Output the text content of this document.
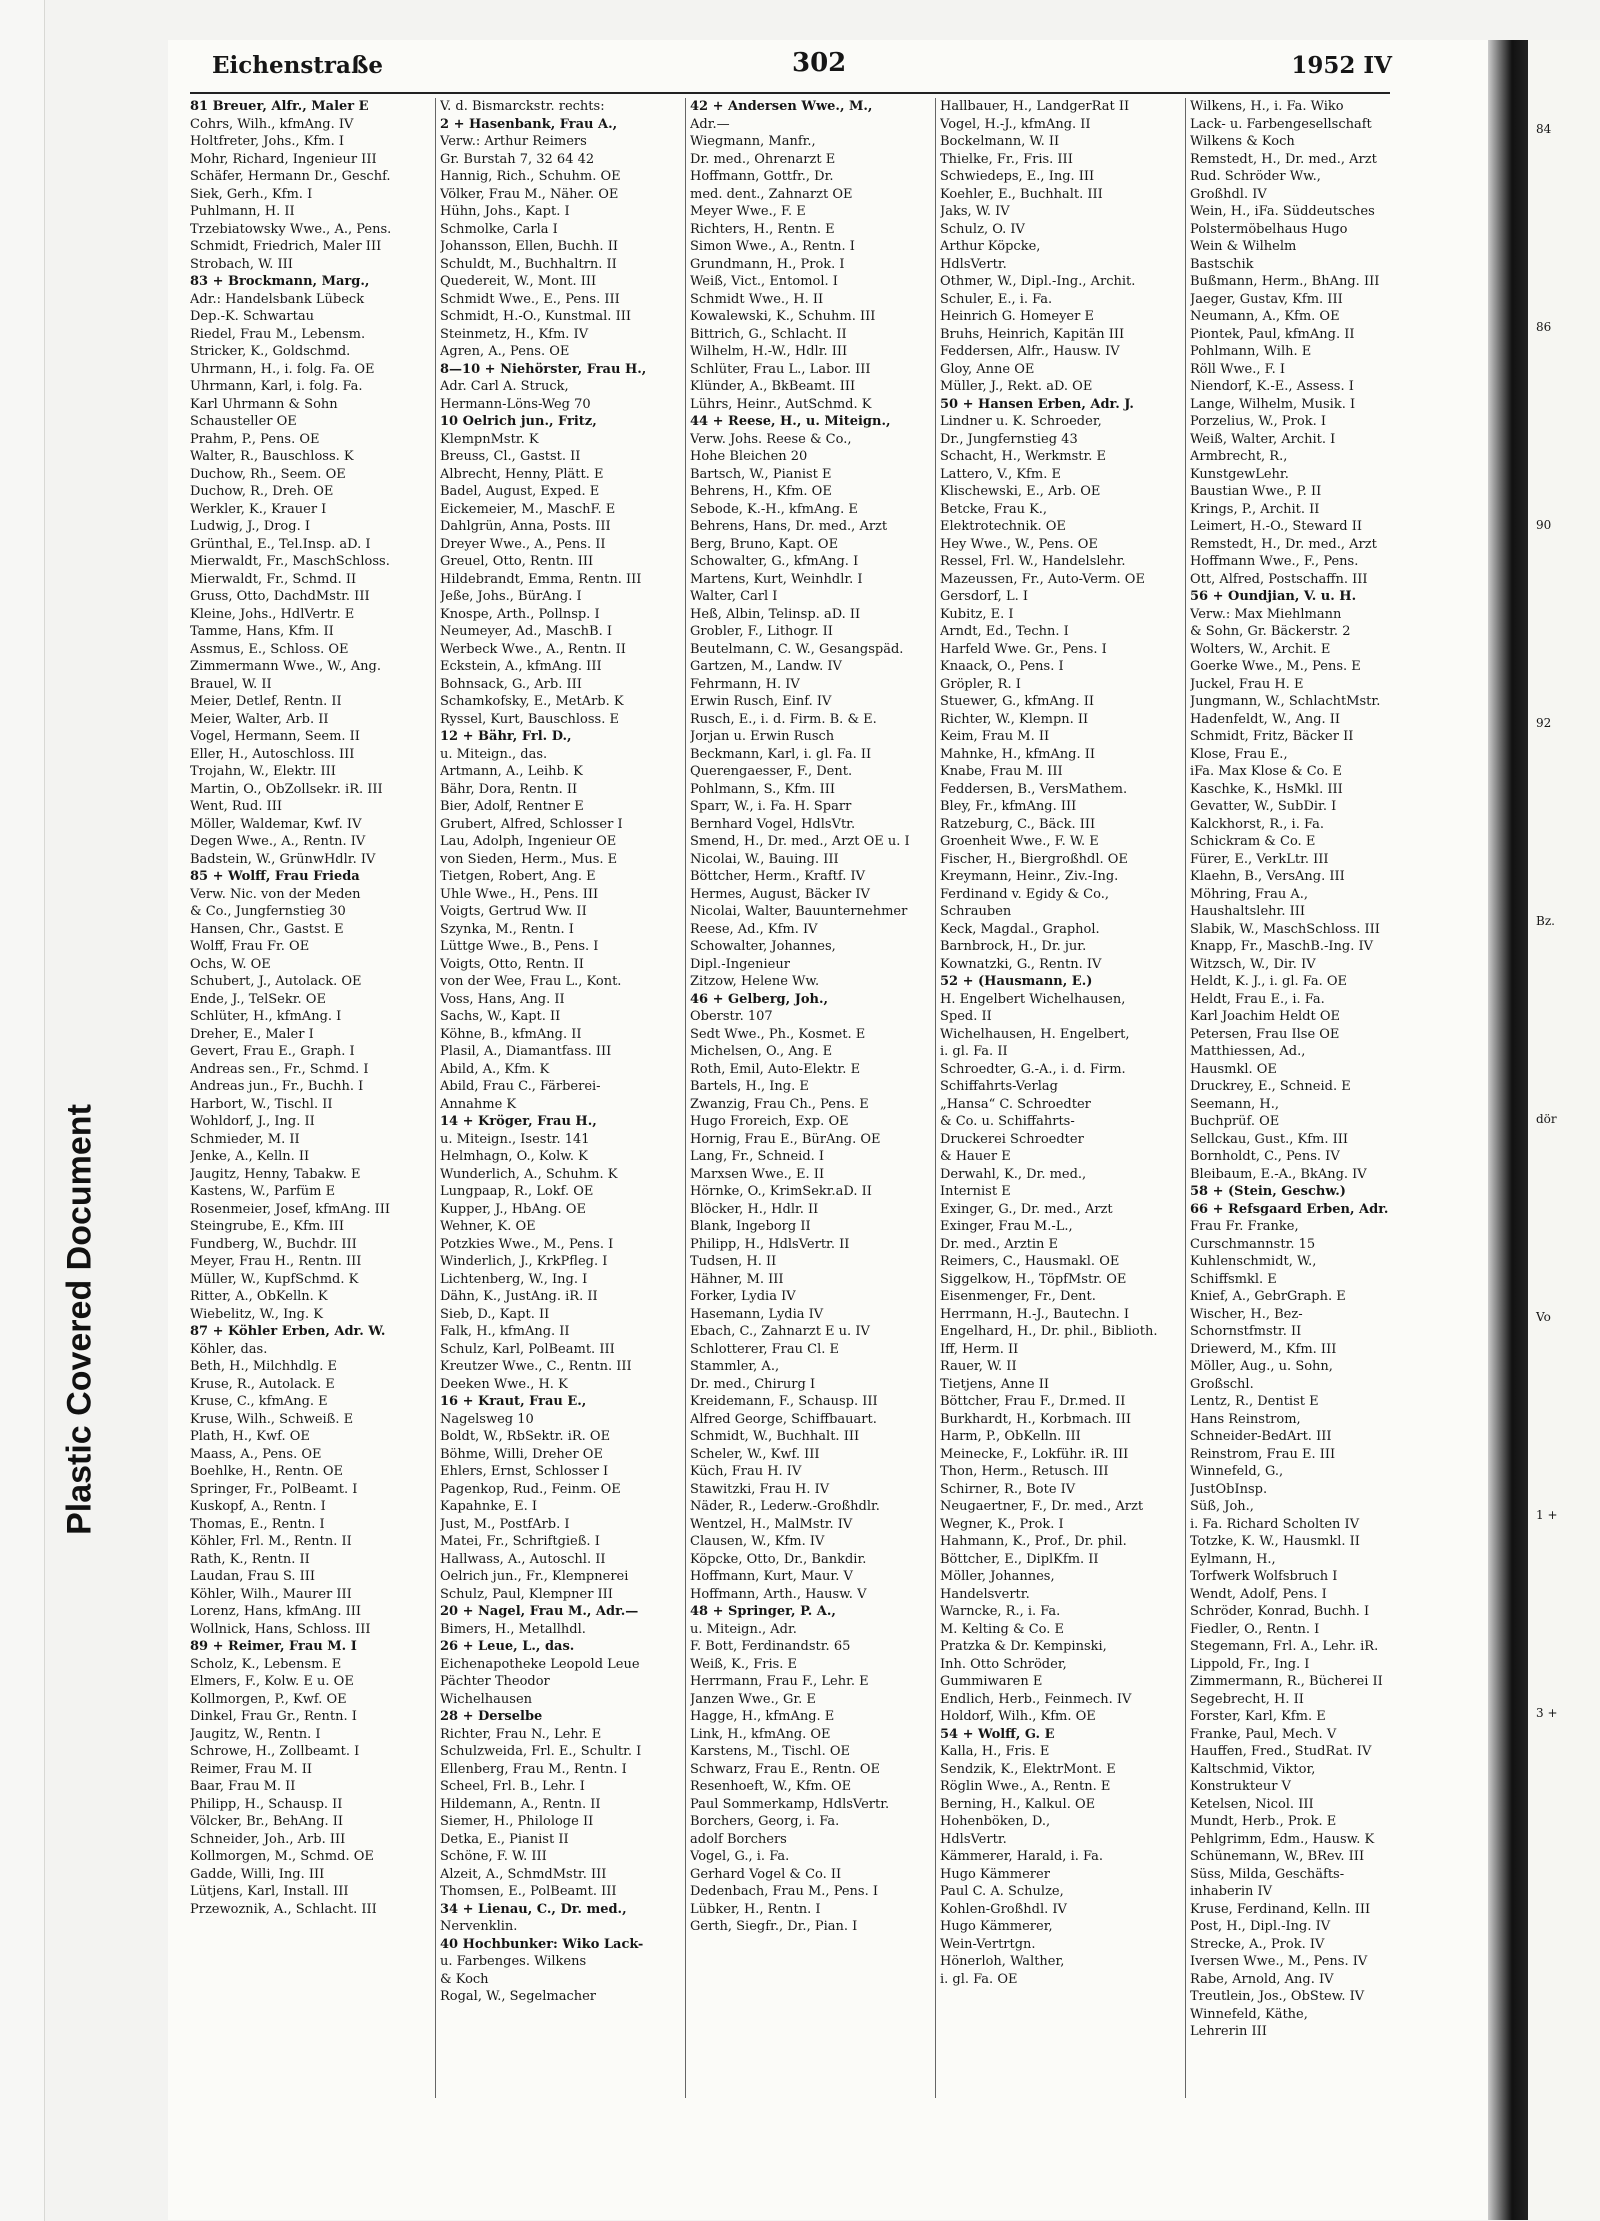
Plastic Covered Document
Eichenstraße	302	1952 IV
81 Breuer, Alfr., Maler E
Cohrs, Wilh., kfmAng. IV
Holtfreter, Johs., Kfm. I
Mohr, Richard, Ingenieur III
Schäfer, Hermann Dr., Geschf.
Siek, Gerh., Kfm. I
Puhlmann, H. II
Trzebiatowsky Wwe., A., Pens.
Schmidt, Friedrich, Maler III
Strobach, W. III
83 + Brockmann, Marg.,
Adr.: Handelsbank Lübeck
Dep.-K. Schwartau
Riedel, Frau M., Lebensm.
Stricker, K., Goldschmd.
Uhrmann, H., i. folg. Fa. OE
Uhrmann, Karl, i. folg. Fa.
Karl Uhrmann & Sohn
Schausteller OE
Prahm, P., Pens. OE
Walter, R., Bauschloss. K
Duchow, Rh., Seem. OE
Duchow, R., Dreh. OE
Werkler, K., Krauer I
Ludwig, J., Drog. I
Grünthal, E., Tel.Insp. aD. I
Mierwaldt, Fr., MaschSchloss.
Mierwaldt, Fr., Schmd. II
Gruss, Otto, DachdMstr. III
Kleine, Johs., HdlVertr. E
Tamme, Hans, Kfm. II
Assmus, E., Schloss. OE
Zimmermann Wwe., W., Ang.
Brauel, W. II
Meier, Detlef, Rentn. II
Meier, Walter, Arb. II
Vogel, Hermann, Seem. II
Eller, H., Autoschloss. III
Trojahn, W., Elektr. III
Martin, O., ObZollsekr. iR. III
Went, Rud. III
Möller, Waldemar, Kwf. IV
Degen Wwe., A., Rentn. IV
Badstein, W., GrünwHdlr. IV
85 + Wolff, Frau Frieda
Verw. Nic. von der Meden
& Co., Jungfernstieg 30
Hansen, Chr., Gastst. E
Wolff, Frau Fr. OE
Ochs, W. OE
Schubert, J., Autolack. OE
Ende, J., TelSekr. OE
Schlüter, H., kfmAng. I
Dreher, E., Maler I
Gevert, Frau E., Graph. I
Andreas sen., Fr., Schmd. I
Andreas jun., Fr., Buchh. I
Harbort, W., Tischl. II
Wohldorf, J., Ing. II
Schmieder, M. II
Jenke, A., Kelln. II
Jaugitz, Henny, Tabakw. E
Kastens, W., Parfüm E
Rosenmeier, Josef, kfmAng. III
Steingrube, E., Kfm. III
Fundberg, W., Buchdr. III
Meyer, Frau H., Rentn. III
Müller, W., KupfSchmd. K
Ritter, A., ObKelln. K
Wiebelitz, W., Ing. K
87 + Köhler Erben, Adr. W.
Köhler, das.
Beth, H., Milchhdlg. E
Kruse, R., Autolack. E
Kruse, C., kfmAng. E
Kruse, Wilh., Schweiß. E
Plath, H., Kwf. OE
Maass, A., Pens. OE
Boehlke, H., Rentn. OE
Springer, Fr., PolBeamt. I
Kuskopf, A., Rentn. I
Thomas, E., Rentn. I
Köhler, Frl. M., Rentn. II
Rath, K., Rentn. II
Laudan, Frau S. III
Köhler, Wilh., Maurer III
Lorenz, Hans, kfmAng. III
Wollnick, Hans, Schloss. III
89 + Reimer, Frau M. I
Scholz, K., Lebensm. E
Elmers, F., Kolw. E u. OE
Kollmorgen, P., Kwf. OE
Dinkel, Frau Gr., Rentn. I
Jaugitz, W., Rentn. I
Schrowe, H., Zollbeamt. I
Reimer, Frau M. II
Baar, Frau M. II
Philipp, H., Schausp. II
Völcker, Br., BehAng. II
Schneider, Joh., Arb. III
Kollmorgen, M., Schmd. OE
Gadde, Willi, Ing. III
Lütjens, Karl, Install. III
Przewoznik, A., Schlacht. III
V. d. Bismarckstr. rechts:
2 + Hasenbank, Frau A.,
Verw.: Arthur Reimers
Gr. Burstah 7, 32 64 42
Hannig, Rich., Schuhm. OE
Völker, Frau M., Näher. OE
Hühn, Johs., Kapt. I
Schmolke, Carla I
Johansson, Ellen, Buchh. II
Schuldt, M., Buchhaltrn. II
Quedereit, W., Mont. III
Schmidt Wwe., E., Pens. III
Schmidt, H.-O., Kunstmal. III
Steinmetz, H., Kfm. IV
Agren, A., Pens. OE
8—10 + Niehörster, Frau H.,
Adr. Carl A. Struck,
Hermann-Löns-Weg 70
10 Oelrich jun., Fritz,
KlempnMstr. K
Breuss, Cl., Gastst. II
Albrecht, Henny, Plätt. E
Badel, August, Exped. E
Eickemeier, M., MaschF. E
Dahlgrün, Anna, Posts. III
Dreyer Wwe., A., Pens. II
Greuel, Otto, Rentn. III
Hildebrandt, Emma, Rentn. III
Jeße, Johs., BürAng. I
Knospe, Arth., Pollnsp. I
Neumeyer, Ad., MaschB. I
Werbeck Wwe., A., Rentn. II
Eckstein, A., kfmAng. III
Bohnsack, G., Arb. III
Schamkofsky, E., MetArb. K
Ryssel, Kurt, Bauschloss. E
12 + Bähr, Frl. D.,
u. Miteign., das.
Artmann, A., Leihb. K
Bähr, Dora, Rentn. II
Bier, Adolf, Rentner E
Grubert, Alfred, Schlosser I
Lau, Adolph, Ingenieur OE
von Sieden, Herm., Mus. E
Tietgen, Robert, Ang. E
Uhle Wwe., H., Pens. III
Voigts, Gertrud Ww. II
Szynka, M., Rentn. I
Lüttge Wwe., B., Pens. I
Voigts, Otto, Rentn. II
von der Wee, Frau L., Kont.
Voss, Hans, Ang. II
Sachs, W., Kapt. II
Köhne, B., kfmAng. II
Plasil, A., Diamantfass. III
Abild, A., Kfm. K
Abild, Frau C., Färberei-
Annahme K
14 + Kröger, Frau H.,
u. Miteign., Isestr. 141
Helmhagn, O., Kolw. K
Wunderlich, A., Schuhm. K
Lungpaap, R., Lokf. OE
Kupper, J., HbAng. OE
Wehner, K. OE
Potzkies Wwe., M., Pens. I
Winderlich, J., KrkPfleg. I
Lichtenberg, W., Ing. I
Dähn, K., JustAng. iR. II
Sieb, D., Kapt. II
Falk, H., kfmAng. II
Schulz, Karl, PolBeamt. III
Kreutzer Wwe., C., Rentn. III
Deeken Wwe., H. K
16 + Kraut, Frau E.,
Nagelsweg 10
Boldt, W., RbSektr. iR. OE
Böhme, Willi, Dreher OE
Ehlers, Ernst, Schlosser I
Pagenkop, Rud., Feinm. OE
Kapahnke, E. I
Just, M., PostfArb. I
Matei, Fr., Schriftgieß. I
Hallwass, A., Autoschl. II
Oelrich jun., Fr., Klempnerei
Schulz, Paul, Klempner III
20 + Nagel, Frau M., Adr.—
Bimers, H., Metallhdl.
26 + Leue, L., das.
Eichenapotheke Leopold Leue
Pächter Theodor
Wichelhausen
28 + Derselbe
Richter, Frau N., Lehr. E
Schulzweida, Frl. E., Schultr. I
Ellenberg, Frau M., Rentn. I
Scheel, Frl. B., Lehr. I
Hildemann, A., Rentn. II
Siemer, H., Philologe II
Detka, E., Pianist II
Schöne, F. W. III
Alzeit, A., SchmdMstr. III
Thomsen, E., PolBeamt. III
34 + Lienau, C., Dr. med.,
Nervenklin.
40 Hochbunker: Wiko Lack-
u. Farbenges. Wilkens
& Koch
Rogal, W., Segelmacher
42 + Andersen Wwe., M.,
Adr.—
Wiegmann, Manfr.,
Dr. med., Ohrenarzt E
Hoffmann, Gottfr., Dr.
med. dent., Zahnarzt OE
Meyer Wwe., F. E
Richters, H., Rentn. E
Simon Wwe., A., Rentn. I
Grundmann, H., Prok. I
Weiß, Vict., Entomol. I
Schmidt Wwe., H. II
Kowalewski, K., Schuhm. III
Bittrich, G., Schlacht. II
Wilhelm, H.-W., Hdlr. III
Schlüter, Frau L., Labor. III
Klünder, A., BkBeamt. III
Lührs, Heinr., AutSchmd. K
44 + Reese, H., u. Miteign.,
Verw. Johs. Reese & Co.,
Hohe Bleichen 20
Bartsch, W., Pianist E
Behrens, H., Kfm. OE
Sebode, K.-H., kfmAng. E
Behrens, Hans, Dr. med., Arzt
Berg, Bruno, Kapt. OE
Schowalter, G., kfmAng. I
Martens, Kurt, Weinhdlr. I
Walter, Carl I
Heß, Albin, Telinsp. aD. II
Grobler, F., Lithogr. II
Beutelmann, C. W., Gesangspäd.
Gartzen, M., Landw. IV
Fehrmann, H. IV
Erwin Rusch, Einf. IV
Rusch, E., i. d. Firm. B. & E.
Jorjan u. Erwin Rusch
Beckmann, Karl, i. gl. Fa. II
Querengaesser, F., Dent.
Pohlmann, S., Kfm. III
Sparr, W., i. Fa. H. Sparr
Bernhard Vogel, HdlsVtr.
Smend, H., Dr. med., Arzt OE u. I
Nicolai, W., Bauing. III
Böttcher, Herm., Kraftf. IV
Hermes, August, Bäcker IV
Nicolai, Walter, Bauunternehmer
Reese, Ad., Kfm. IV
Schowalter, Johannes,
Dipl.-Ingenieur
Zitzow, Helene Ww.
46 + Gelberg, Joh.,
Oberstr. 107
Sedt Wwe., Ph., Kosmet. E
Michelsen, O., Ang. E
Roth, Emil, Auto-Elektr. E
Bartels, H., Ing. E
Zwanzig, Frau Ch., Pens. E
Hugo Froreich, Exp. OE
Hornig, Frau E., BürAng. OE
Lang, Fr., Schneid. I
Marxsen Wwe., E. II
Hörnke, O., KrimSekr.aD. II
Blöcker, H., Hdlr. II
Blank, Ingeborg II
Philipp, H., HdlsVertr. II
Tudsen, H. II
Hähner, M. III
Forker, Lydia IV
Hasemann, Lydia IV
Ebach, C., Zahnarzt E u. IV
Schlotterer, Frau Cl. E
Stammler, A.,
Dr. med., Chirurg I
Kreidemann, F., Schausp. III
Alfred George, Schiffbauart.
Schmidt, W., Buchhalt. III
Scheler, W., Kwf. III
Küch, Frau H. IV
Stawitzki, Frau H. IV
Näder, R., Lederw.-Großhdlr.
Wentzel, H., MalMstr. IV
Clausen, W., Kfm. IV
Köpcke, Otto, Dr., Bankdir.
Hoffmann, Kurt, Maur. V
Hoffmann, Arth., Hausw. V
48 + Springer, P. A.,
u. Miteign., Adr.
F. Bott, Ferdinandstr. 65
Weiß, K., Fris. E
Herrmann, Frau F., Lehr. E
Janzen Wwe., Gr. E
Hagge, H., kfmAng. E
Link, H., kfmAng. OE
Karstens, M., Tischl. OE
Schwarz, Frau E., Rentn. OE
Resenhoeft, W., Kfm. OE
Paul Sommerkamp, HdlsVertr.
Borchers, Georg, i. Fa.
adolf Borchers
Vogel, G., i. Fa.
Gerhard Vogel & Co. II
Dedenbach, Frau M., Pens. I
Lübker, H., Rentn. I
Gerth, Siegfr., Dr., Pian. I
Hallbauer, H., LandgerRat II
Vogel, H.-J., kfmAng. II
Bockelmann, W. II
Thielke, Fr., Fris. III
Schwiedeps, E., Ing. III
Koehler, E., Buchhalt. III
Jaks, W. IV
Schulz, O. IV
Arthur Köpcke,
HdlsVertr.
Othmer, W., Dipl.-Ing., Archit.
Schuler, E., i. Fa.
Heinrich G. Homeyer E
Bruhs, Heinrich, Kapitän III
Feddersen, Alfr., Hausw. IV
Gloy, Anne OE
Müller, J., Rekt. aD. OE
50 + Hansen Erben, Adr. J.
Lindner u. K. Schroeder,
Dr., Jungfernstieg 43
Schacht, H., Werkmstr. E
Lattero, V., Kfm. E
Klischewski, E., Arb. OE
Betcke, Frau K.,
Elektrotechnik. OE
Hey Wwe., W., Pens. OE
Ressel, Frl. W., Handelslehr.
Mazeussen, Fr., Auto-Verm. OE
Gersdorf, L. I
Kubitz, E. I
Arndt, Ed., Techn. I
Harfeld Wwe. Gr., Pens. I
Knaack, O., Pens. I
Gröpler, R. I
Stuewer, G., kfmAng. II
Richter, W., Klempn. II
Keim, Frau M. II
Mahnke, H., kfmAng. II
Knabe, Frau M. III
Feddersen, B., VersMathem.
Bley, Fr., kfmAng. III
Ratzeburg, C., Bäck. III
Groenheit Wwe., F. W. E
Fischer, H., Biergroßhdl. OE
Kreymann, Heinr., Ziv.-Ing.
Ferdinand v. Egidy & Co.,
Schrauben
Keck, Magdal., Graphol.
Barnbrock, H., Dr. jur.
Kownatzki, G., Rentn. IV
52 + (Hausmann, E.)
H. Engelbert Wichelhausen,
Sped. II
Wichelhausen, H. Engelbert,
i. gl. Fa. II
Schroedter, G.-A., i. d. Firm.
Schiffahrts-Verlag
„Hansa“ C. Schroedter
& Co. u. Schiffahrts-
Druckerei Schroedter
& Hauer E
Derwahl, K., Dr. med.,
Internist E
Exinger, G., Dr. med., Arzt
Exinger, Frau M.-L.,
Dr. med., Arztin E
Reimers, C., Hausmakl. OE
Siggelkow, H., TöpfMstr. OE
Eisenmenger, Fr., Dent.
Herrmann, H.-J., Bautechn. I
Engelhard, H., Dr. phil., Biblioth.
Iff, Herm. II
Rauer, W. II
Tietjens, Anne II
Böttcher, Frau F., Dr.med. II
Burkhardt, H., Korbmach. III
Harm, P., ObKelln. III
Meinecke, F., Lokführ. iR. III
Thon, Herm., Retusch. III
Schirner, R., Bote IV
Neugaertner, F., Dr. med., Arzt
Wegner, K., Prok. I
Hahmann, K., Prof., Dr. phil.
Böttcher, E., DiplKfm. II
Möller, Johannes,
Handelsvertr.
Warncke, R., i. Fa.
M. Kelting & Co. E
Pratzka & Dr. Kempinski,
Inh. Otto Schröder,
Gummiwaren E
Endlich, Herb., Feinmech. IV
Holdorf, Wilh., Kfm. OE
54 + Wolff, G. E
Kalla, H., Fris. E
Sendzik, K., ElektrMont. E
Röglin Wwe., A., Rentn. E
Berning, H., Kalkul. OE
Hohenböken, D.,
HdlsVertr.
Kämmerer, Harald, i. Fa.
Hugo Kämmerer
Paul C. A. Schulze,
Kohlen-Großhdl. IV
Hugo Kämmerer,
Wein-Vertrtgn.
Hönerloh, Walther,
i. gl. Fa. OE
Wilkens, H., i. Fa. Wiko
Lack- u. Farbengesellschaft
Wilkens & Koch
Remstedt, H., Dr. med., Arzt
Rud. Schröder Ww.,
Großhdl. IV
Wein, H., iFa. Süddeutsches
Polstermöbelhaus Hugo
Wein & Wilhelm
Bastschik
Bußmann, Herm., BhAng. III
Jaeger, Gustav, Kfm. III
Neumann, A., Kfm. OE
Piontek, Paul, kfmAng. II
Pohlmann, Wilh. E
Röll Wwe., F. I
Niendorf, K.-E., Assess. I
Lange, Wilhelm, Musik. I
Porzelius, W., Prok. I
Weiß, Walter, Archit. I
Armbrecht, R.,
KunstgewLehr.
Baustian Wwe., P. II
Krings, P., Archit. II
Leimert, H.-O., Steward II
Remstedt, H., Dr. med., Arzt
Hoffmann Wwe., F., Pens.
Ott, Alfred, Postschaffn. III
56 + Oundjian, V. u. H.
Verw.: Max Miehlmann
& Sohn, Gr. Bäckerstr. 2
Wolters, W., Archit. E
Goerke Wwe., M., Pens. E
Juckel, Frau H. E
Jungmann, W., SchlachtMstr.
Hadenfeldt, W., Ang. II
Schmidt, Fritz, Bäcker II
Klose, Frau E.,
iFa. Max Klose & Co. E
Kaschke, K., HsMkl. III
Gevatter, W., SubDir. I
Kalckhorst, R., i. Fa.
Schickram & Co. E
Fürer, E., VerkLtr. III
Klaehn, B., VersAng. III
Möhring, Frau A.,
Haushaltslehr. III
Slabik, W., MaschSchloss. III
Knapp, Fr., MaschB.-Ing. IV
Witzsch, W., Dir. IV
Heldt, K. J., i. gl. Fa. OE
Heldt, Frau E., i. Fa.
Karl Joachim Heldt OE
Petersen, Frau Ilse OE
Matthiessen, Ad.,
Hausmkl. OE
Druckrey, E., Schneid. E
Seemann, H.,
Buchprüf. OE
Sellckau, Gust., Kfm. III
Bornholdt, C., Pens. IV
Bleibaum, E.-A., BkAng. IV
58 + (Stein, Geschw.)
66 + Refsgaard Erben, Adr.
Frau Fr. Franke,
Curschmannstr. 15
Kuhlenschmidt, W.,
Schiffsmkl. E
Knief, A., GebrGraph. E
Wischer, H., Bez-
Schornstfmstr. II
Driewerd, M., Kfm. III
Möller, Aug., u. Sohn,
Großschl.
Lentz, R., Dentist E
Hans Reinstrom,
Schneider-BedArt. III
Reinstrom, Frau E. III
Winnefeld, G.,
JustObInsp.
Süß, Joh.,
i. Fa. Richard Scholten IV
Totzke, K. W., Hausmkl. II
Eylmann, H.,
Torfwerk Wolfsbruch I
Wendt, Adolf, Pens. I
Schröder, Konrad, Buchh. I
Fiedler, O., Rentn. I
Stegemann, Frl. A., Lehr. iR.
Lippold, Fr., Ing. I
Zimmermann, R., Bücherei II
Segebrecht, H. II
Forster, Karl, Kfm. E
Franke, Paul, Mech. V
Hauffen, Fred., StudRat. IV
Kaltschmid, Viktor,
Konstrukteur V
Ketelsen, Nicol. III
Mundt, Herb., Prok. E
Pehlgrimm, Edm., Hausw. K
Schünemann, W., BRev. III
Süss, Milda, Geschäfts-
inhaberin IV
Kruse, Ferdinand, Kelln. III
Post, H., Dipl.-Ing. IV
Strecke, A., Prok. IV
Iversen Wwe., M., Pens. IV
Rabe, Arnold, Ang. IV
Treutlein, Jos., ObStew. IV
Winnefeld, Käthe,
Lehrerin III
84
86
90
92
Bz.
dör
Vo
1 +
3 +
